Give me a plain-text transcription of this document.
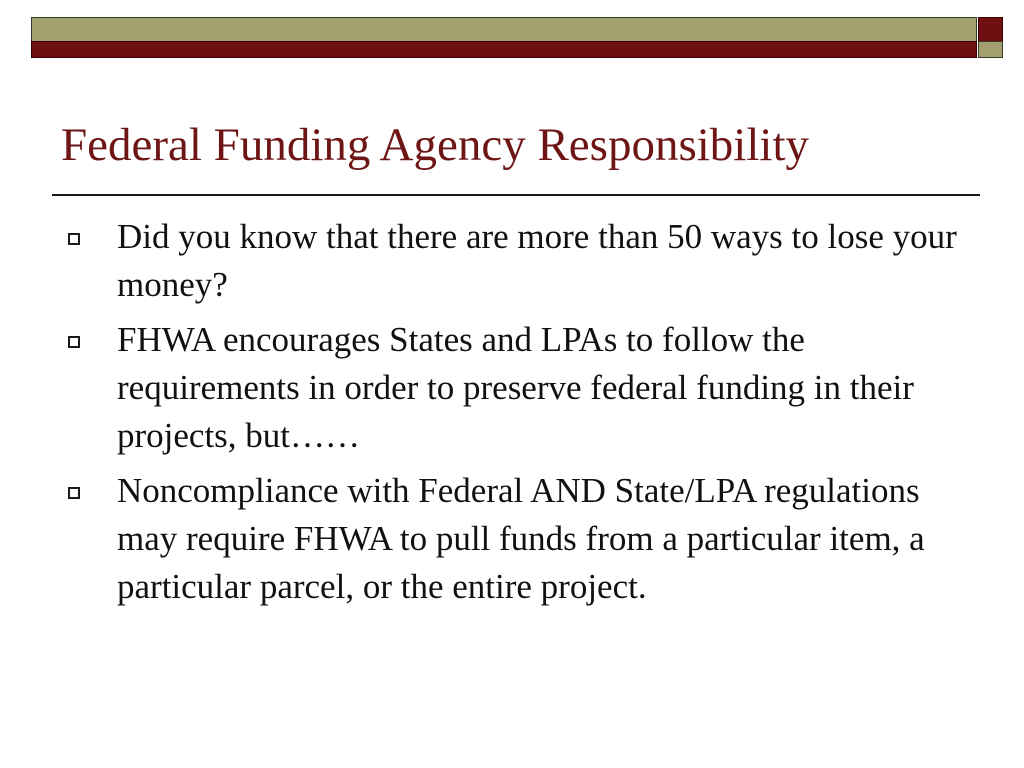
Federal Funding Agency Responsibility
Did you know that there are more than 50 ways to lose your money?
FHWA encourages States and LPAs to follow the requirements in order to preserve federal funding in their projects, but……
Noncompliance with Federal AND State/LPA regulations may require FHWA to pull funds from a particular item, a particular parcel, or the entire project.
